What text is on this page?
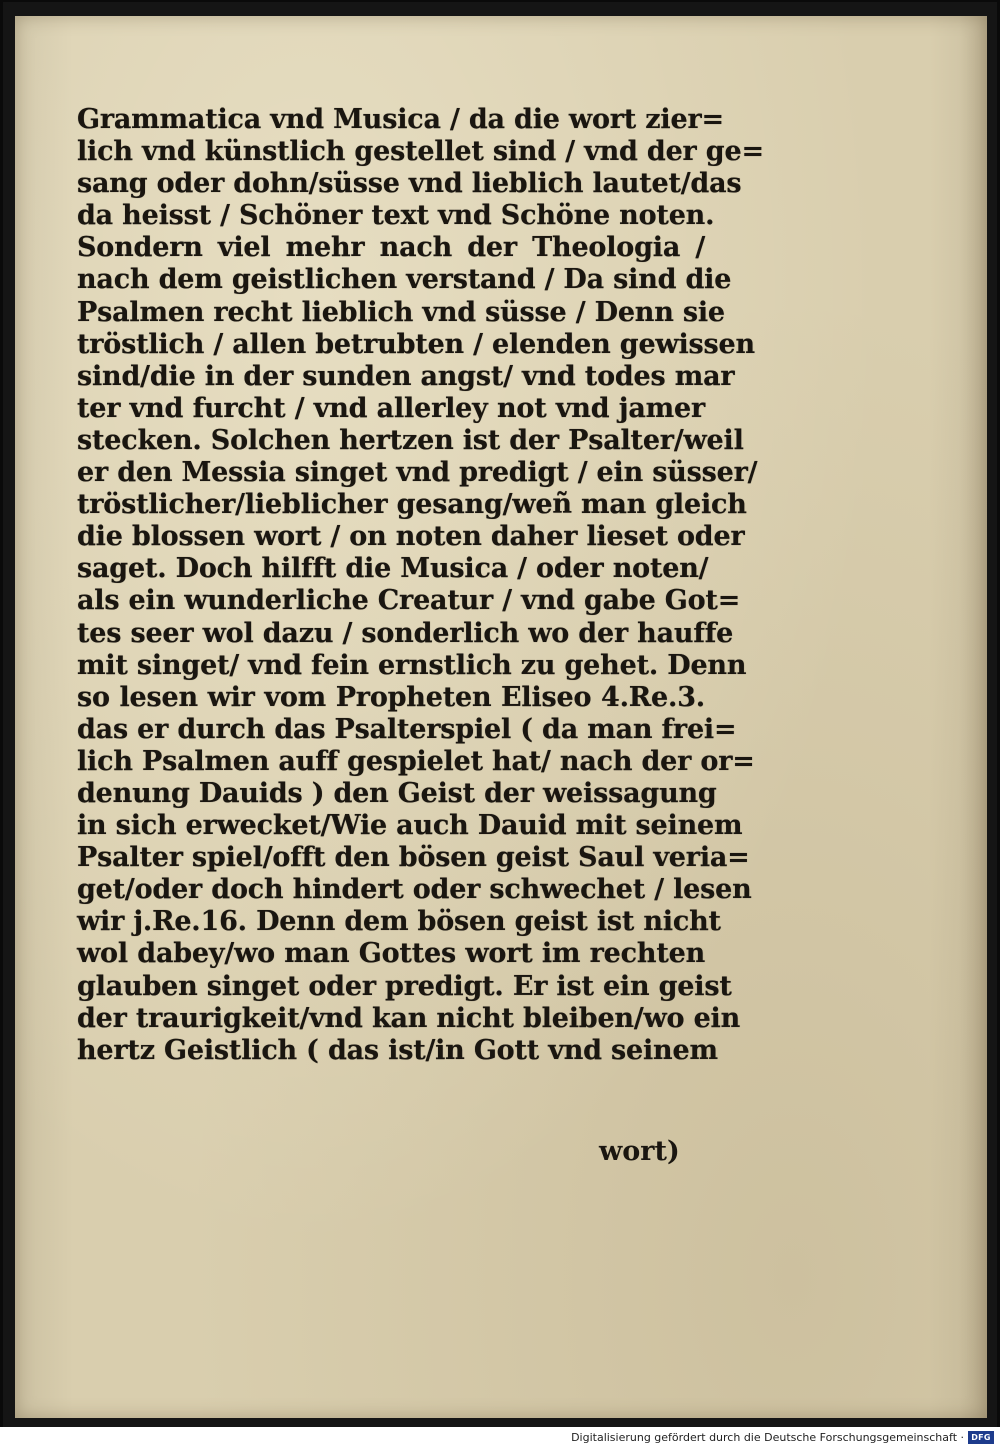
Grammatica vnd Musica / da die wort zier=
lich vnd künstlich gestellet sind / vnd der ge=
sang oder dohn/süsse vnd lieblich lautet/das
da heisst / Schöner text vnd Schöne noten.
Sondern viel mehr nach der Theologia /
nach dem geistlichen verstand / Da sind die
Psalmen recht lieblich vnd süsse / Denn sie
tröstlich / allen betrubten / elenden gewissen
sind/die in der sunden angst/ vnd todes mar
ter vnd furcht / vnd allerley not vnd jamer
stecken. Solchen hertzen ist der Psalter/weil
er den Messia singet vnd predigt / ein süsser/
tröstlicher/lieblicher gesang/weñ man gleich
die blossen wort / on noten daher lieset oder
saget. Doch hilfft die Musica / oder noten/
als ein wunderliche Creatur / vnd gabe Got=
tes seer wol dazu / sonderlich wo der hauffe
mit singet/ vnd fein ernstlich zu gehet. Denn
so lesen wir vom Propheten Eliseo 4.Re.3.
das er durch das Psalterspiel ( da man frei=
lich Psalmen auff gespielet hat/ nach der or=
denung Dauids ) den Geist der weissagung
in sich erwecket/Wie auch Dauid mit seinem
Psalter spiel/offt den bösen geist Saul veria=
get/oder doch hindert oder schwechet / lesen
wir j.Re.16. Denn dem bösen geist ist nicht
wol dabey/wo man Gottes wort im rechten
glauben singet oder predigt. Er ist ein geist
der traurigkeit/vnd kan nicht bleiben/wo ein
hertz Geistlich ( das ist/in Gott vnd seinem
wort)
Digitalisierung gefördert durch die Deutsche Forschungsgemeinschaft · DFG
